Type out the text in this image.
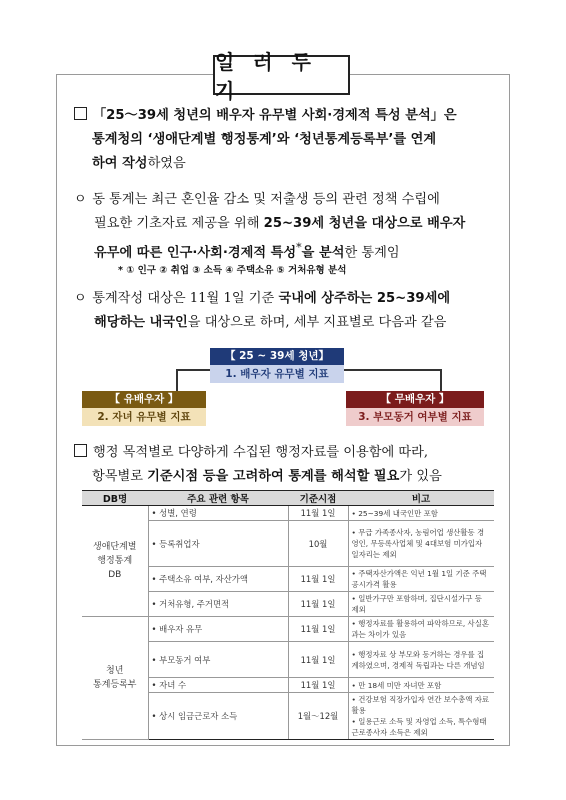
일 러 두 기
「25～39세 청년의 배우자 유무별 사회·경제적 특성 분석」은
통계청의 ‘생애단계별 행정통계’와 ‘청년통계등록부’를 연계
하여 작성하였음
ㅇ 동 통계는 최근 혼인율 감소 및 저출생 등의 관련 정책 수립에
필요한 기초자료 제공을 위해 25~39세 청년을 대상으로 배우자
유무에 따른 인구·사회·경제적 특성*을 분석한 통계임
* ① 인구 ② 취업 ③ 소득 ④ 주택소유 ⑤ 거처유형 분석
ㅇ 통계작성 대상은 11월 1일 기준 국내에 상주하는 25~39세에
해당하는 내국인을 대상으로 하며, 세부 지표별로 다음과 같음
【 25 ~ 39세 청년】
1. 배우자 유무별 지표
【 유배우자 】
2. 자녀 유무별 지표
【 무배우자 】
3. 부모동거 여부별 지표
행정 목적별로 다양하게 수집된 행정자료를 이용함에 따라,
항목별로 기준시점 등을 고려하여 통계를 해석할 필요가 있음
DB명	주요 관련 항목	기준시점	비고
생애단계별
행정통계
DB	• 성별, 연령	11월 1일	• 25~39세 내국인만 포함
	• 등록취업자	10월	• 무급 가족종사자, 농림어업 생산활동 경영인, 무등록사업체 및 4대보험 미가입자 일자리는 제외
	• 주택소유 여부, 자산가액	11월 1일	• 주택자산가액은 익년 1월 1일 기준 주택공시가격 활용
	• 거처유형, 주거면적	11월 1일	• 일반가구만 포함하며, 집단시설가구 등 제외
청년
통계등록부	• 배우자 유무	11월 1일	• 행정자료를 활용하여 파악하므로, 사실혼과는 차이가 있음
	• 부모동거 여부	11월 1일	• 행정자료 상 부모와 동거하는 경우를 집계하였으며, 경제적 독립과는 다른 개념임
	• 자녀 수	11월 1일	• 만 18세 미만 자녀만 포함
	• 상시 임금근로자 소득	1월～12월	• 건강보험 직장가입자 연간 보수총액 자료 활용
• 일용근로 소득 및 자영업 소득, 특수형태근로종사자 소득은 제외
